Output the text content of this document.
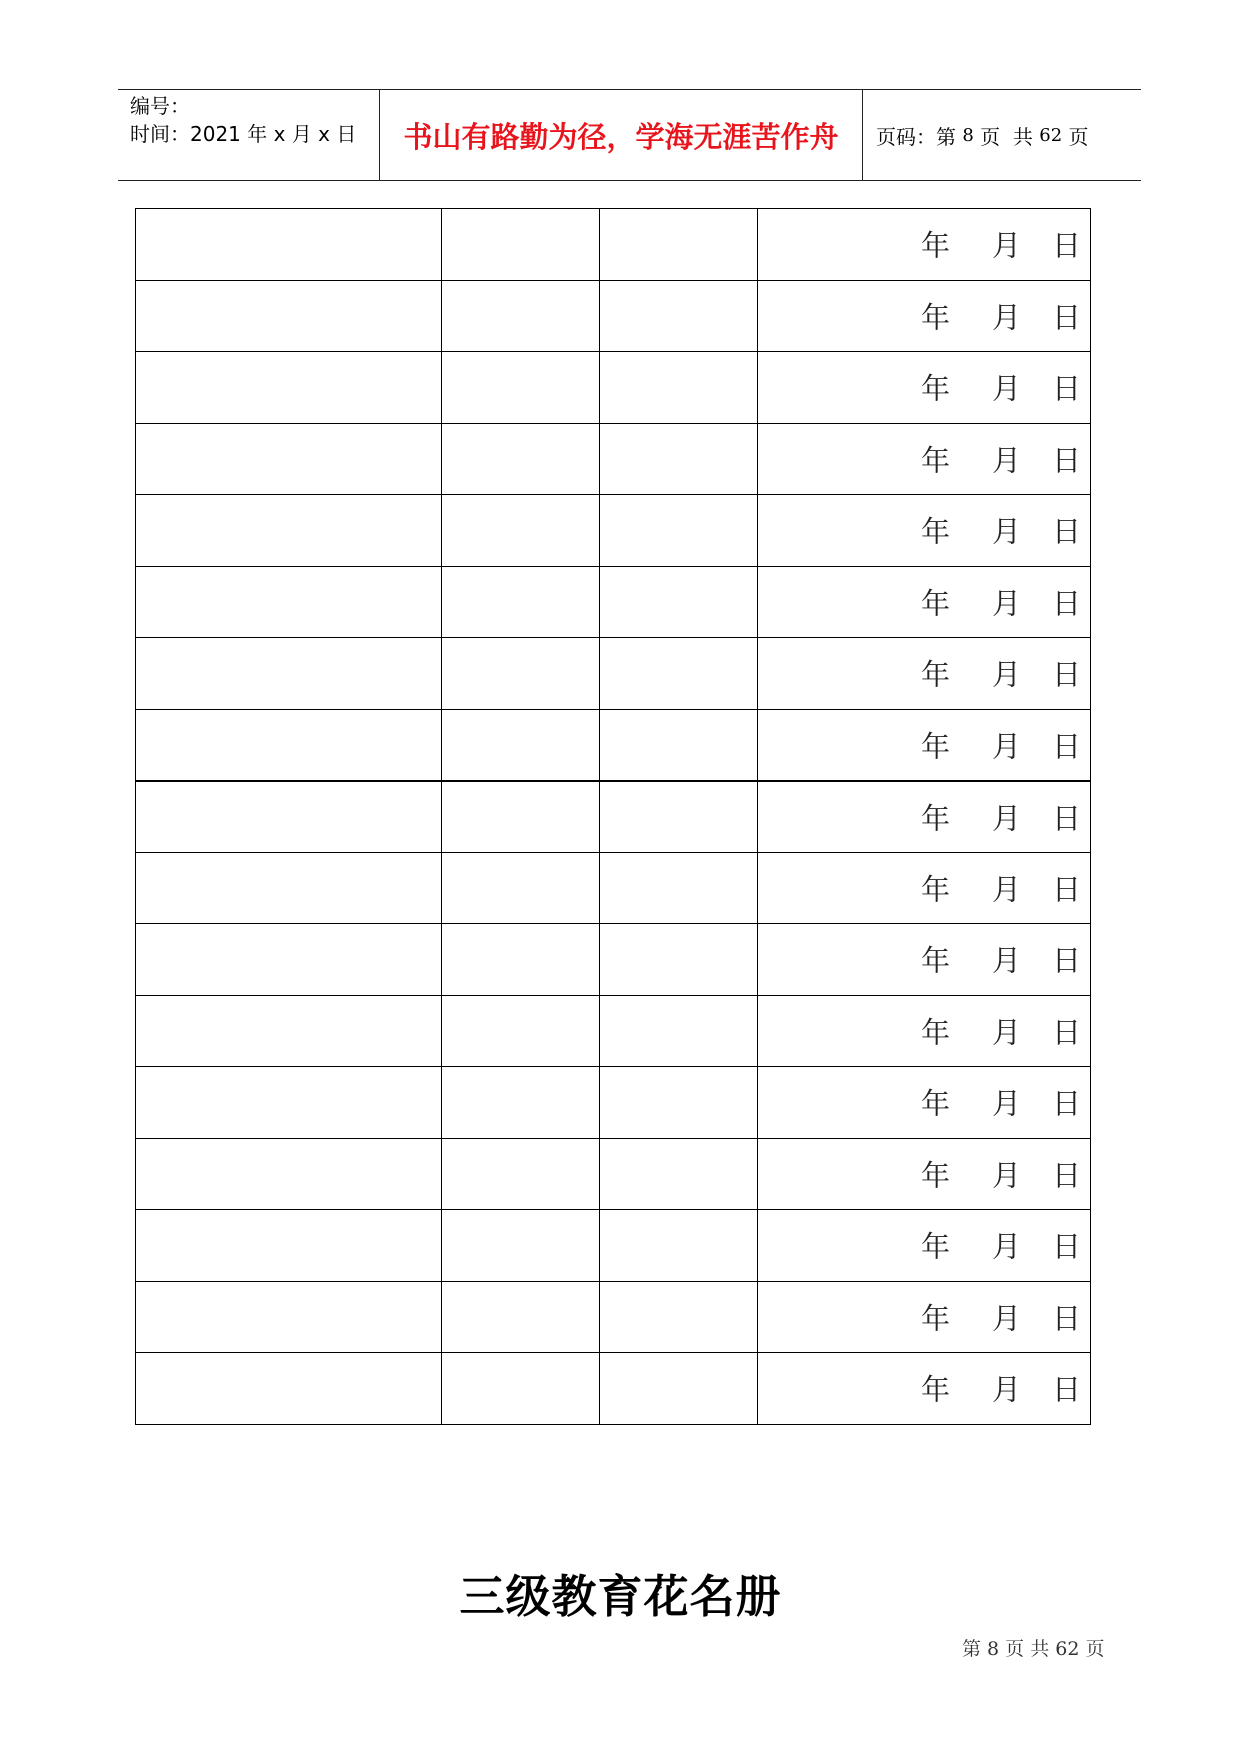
编号：
时间：2021 年 x 月 x 日	书山有路勤为径，学海无涯苦作舟	页码：第 8 页  共 62 页

			年 月 日

			年 月 日

			年 月 日

			年 月 日

			年 月 日

			年 月 日

			年 月 日

			年 月 日

			年 月 日

			年 月 日

			年 月 日

			年 月 日

			年 月 日

			年 月 日

			年 月 日

			年 月 日

			年 月 日
三级教育花名册
第 8 页 共 62 页
